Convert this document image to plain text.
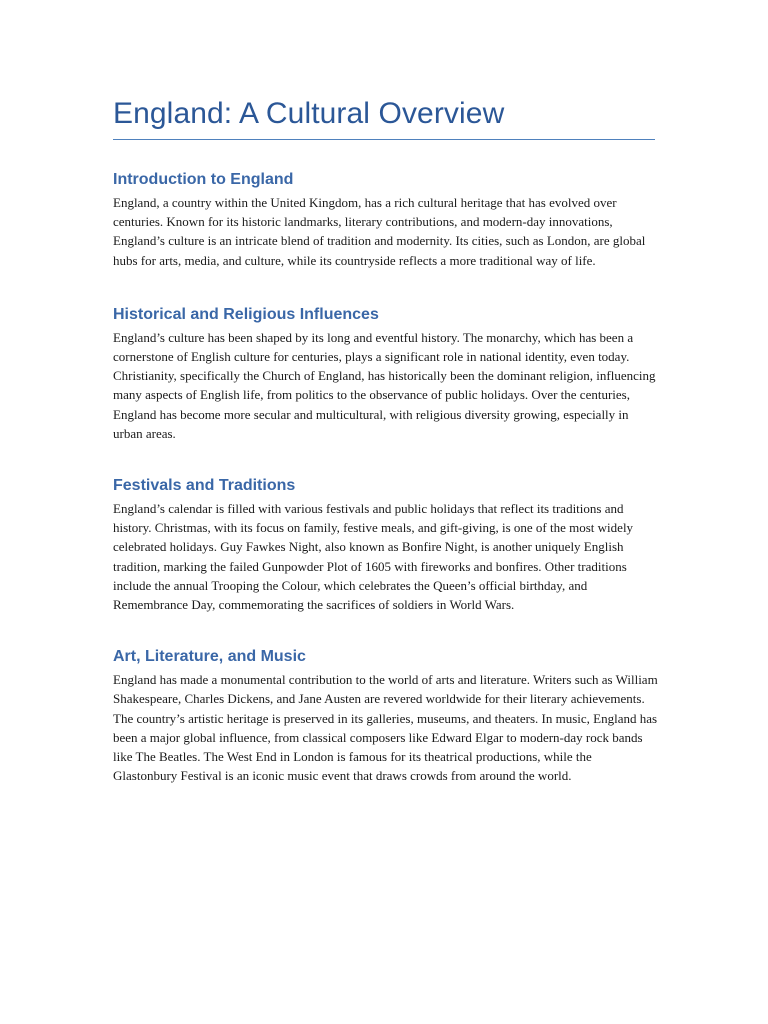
England: A Cultural Overview
Introduction to England

England, a country within the United Kingdom, has a rich cultural heritage that has evolved over centuries. Known for its historic landmarks, literary contributions, and modern-day innovations, England’s culture is an intricate blend of tradition and modernity. Its cities, such as London, are global hubs for arts, media, and culture, while its countryside reflects a more traditional way of life.

Historical and Religious Influences

England’s culture has been shaped by its long and eventful history. The monarchy, which has been a cornerstone of English culture for centuries, plays a significant role in national identity, even today. Christianity, specifically the Church of England, has historically been the dominant religion, influencing many aspects of English life, from politics to the observance of public holidays. Over the centuries, England has become more secular and multicultural, with religious diversity growing, especially in urban areas.

Festivals and Traditions

England’s calendar is filled with various festivals and public holidays that reflect its traditions and history. Christmas, with its focus on family, festive meals, and gift-giving, is one of the most widely celebrated holidays. Guy Fawkes Night, also known as Bonfire Night, is another uniquely English tradition, marking the failed Gunpowder Plot of 1605 with fireworks and bonfires. Other traditions include the annual Trooping the Colour, which celebrates the Queen’s official birthday, and Remembrance Day, commemorating the sacrifices of soldiers in World Wars.

Art, Literature, and Music

England has made a monumental contribution to the world of arts and literature. Writers such as William Shakespeare, Charles Dickens, and Jane Austen are revered worldwide for their literary achievements. The country’s artistic heritage is preserved in its galleries, museums, and theaters. In music, England has been a major global influence, from classical composers like Edward Elgar to modern-day rock bands like The Beatles. The West End in London is famous for its theatrical productions, while the Glastonbury Festival is an iconic music event that draws crowds from around the world.
